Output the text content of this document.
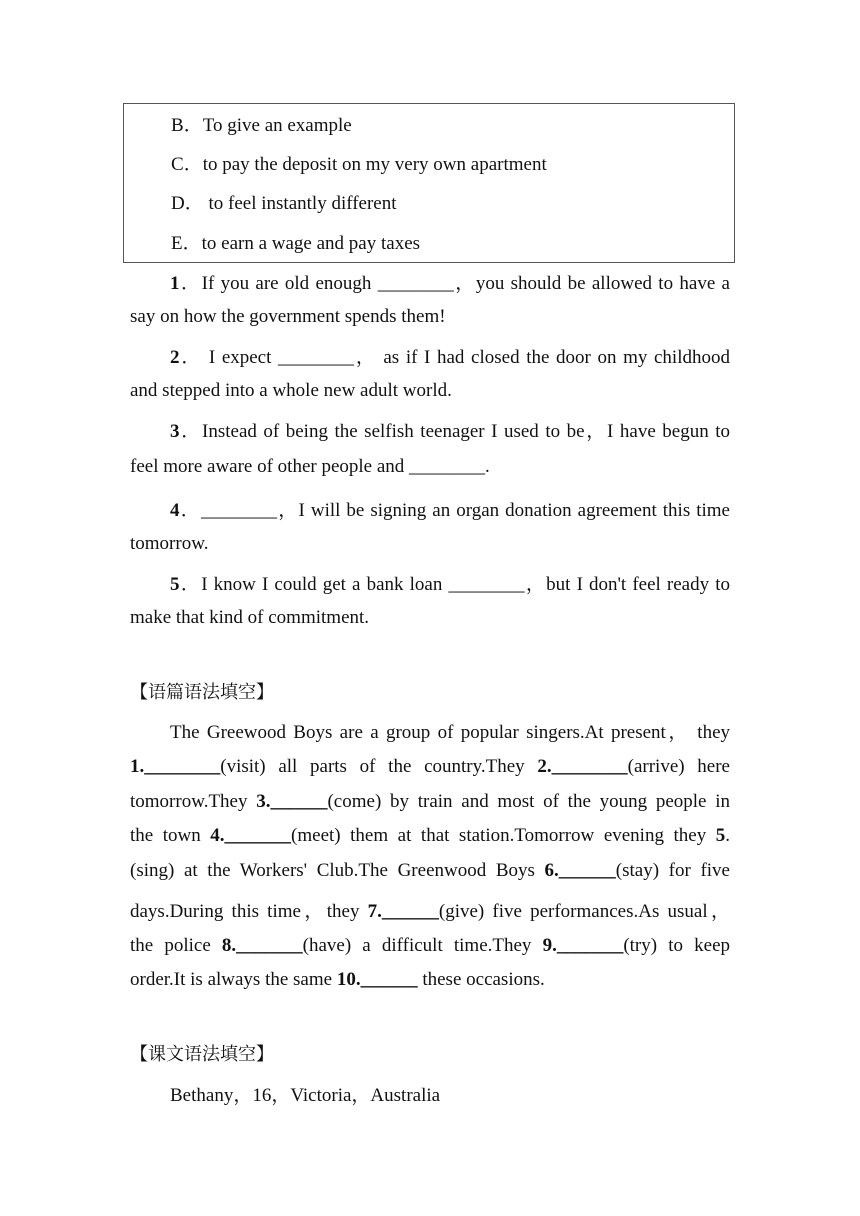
B．To give an example
C．to pay the deposit on my very own apartment
D． to feel instantly different
E．to earn a wage and pay taxes
1．If you are old enough ________，you should be allowed to have a
say on how the government spends them!
2． I expect ________， as if I had closed the door on my childhood
and stepped into a whole new adult world.
3．Instead of being the selfish teenager I used to be，I have begun to
feel more aware of other people and ________.
4．________，I will be signing an organ donation agreement this time
tomorrow.
5．I know I could get a bank loan ________，but I don't feel ready to
make that kind of commitment.
【语篇语法填空】
The Greewood Boys are a group of popular singers.At present， they
1.________(visit) all parts of the country.They 2.________(arrive) here
tomorrow.They 3.______(come) by train and most of the young people in
the town 4._______(meet) them at that station.Tomorrow evening they 5.
(sing) at the Workers' Club.The Greenwood Boys 6.______(stay) for five
days.During this time，they 7.______(give) five performances.As usual，
the police 8._______(have) a difficult time.They 9._______(try) to keep
order.It is always the same 10.______ these occasions.
【课文语法填空】
Bethany，16，Victoria，Australia
